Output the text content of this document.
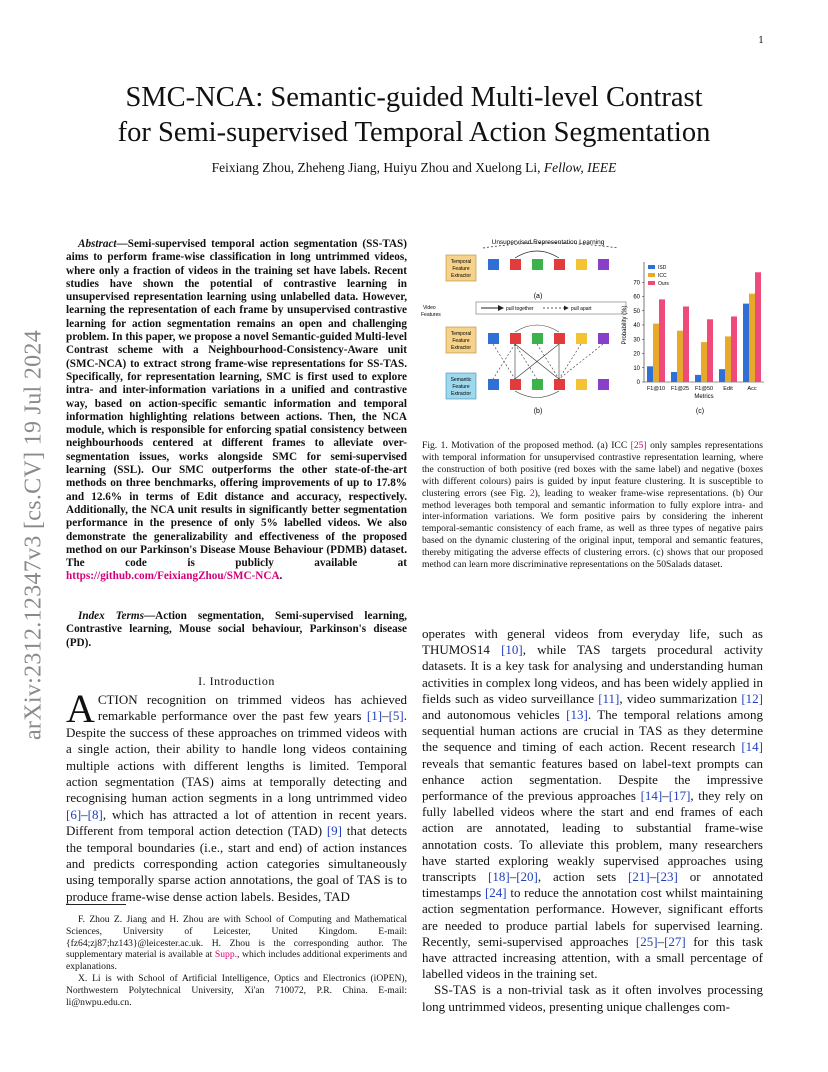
1
arXiv:2312.12347v3 [cs.CV] 19 Jul 2024
SMC-NCA: Semantic-guided Multi-level Contrast
for Semi-supervised Temporal Action Segmentation
Feixiang Zhou, Zheheng Jiang, Huiyu Zhou and Xuelong Li, Fellow, IEEE
Abstract—Semi-supervised temporal action segmentation (SS-TAS) aims to perform frame-wise classification in long untrimmed videos, where only a fraction of videos in the training set have labels. Recent studies have shown the potential of contrastive learning in unsupervised representation learning using unlabelled data. However, learning the representation of each frame by unsupervised contrastive learning for action segmentation remains an open and challenging problem. In this paper, we propose a novel Semantic-guided Multi-level Contrast scheme with a Neighbourhood-Consistency-Aware unit (SMC-NCA) to extract strong frame-wise representations for SS-TAS. Specifically, for representation learning, SMC is first used to explore intra- and inter-information variations in a unified and contrastive way, based on action-specific semantic information and temporal information highlighting relations between actions. Then, the NCA module, which is responsible for enforcing spatial consistency between neighbourhoods centered at different frames to alleviate over-segmentation issues, works alongside SMC for semi-supervised learning (SSL). Our SMC outperforms the other state-of-the-art methods on three benchmarks, offering improvements of up to 17.8% and 12.6% in terms of Edit distance and accuracy, respectively. Additionally, the NCA unit results in significantly better segmentation performance in the presence of only 5% labelled videos. We also demonstrate the generalizability and effectiveness of the proposed method on our Parkinson's Disease Mouse Behaviour (PDMB) dataset. The code is publicly available at https://github.com/FeixiangZhou/SMC-NCA.
Index Terms—Action segmentation, Semi-supervised learning, Contrastive learning, Mouse social behaviour, Parkinson's disease (PD).
I. Introduction
ACTION recognition on trimmed videos has achieved remarkable performance over the past few years [1]–[5]. Despite the success of these approaches on trimmed videos with a single action, their ability to handle long videos containing multiple actions with different lengths is limited. Temporal action segmentation (TAS) aims at temporally detecting and recognising human action segments in a long untrimmed video [6]–[8], which has attracted a lot of attention in recent years. Different from temporal action detection (TAD) [9] that detects the temporal boundaries (i.e., start and end) of action instances and predicts corresponding action categories simultaneously using temporally sparse action annotations, the goal of TAS is to produce frame-wise dense action labels. Besides, TAD

F. Zhou Z. Jiang and H. Zhou are with School of Computing and Mathematical Sciences, University of Leicester, United Kingdom. E-mail: {fz64;zj87;hz143}@leicester.ac.uk. H. Zhou is the corresponding author. The supplementary material is available at Supp., which includes additional experiments and explanations.

X. Li is with School of Artificial Intelligence, Optics and Electronics (iOPEN), Northwestern Polytechnical University, Xi'an 710072, P.R. China. E-mail: li@nwpu.edu.cn.

Unsupervised Representation Learning
Temporal
Feature
Extractor
(a)
Video
Features
pull together	pull apart
Temporal
Feature
Extractor
Semantic
Feature
Extractor
(b)
0
10
20
30
40
50
60
70
Probability (%)
Metrics
F1@10 F1@25 F1@50 Edit	Acc
ISD
ICC
Ours
(c)
Fig. 1. Motivation of the proposed method. (a) ICC [25] only samples representations with temporal information for unsupervised contrastive representation learning, where the construction of both positive (red boxes with the same label) and negative (boxes with different colours) pairs is guided by input feature clustering. It is susceptible to clustering errors (see Fig. 2), leading to weaker frame-wise representations. (b) Our method leverages both temporal and semantic information to fully explore intra- and inter-information variations. We form positive pairs by considering the inherent temporal-semantic consistency of each frame, as well as three types of negative pairs based on the dynamic clustering of the original input, temporal and semantic features, thereby mitigating the adverse effects of clustering errors. (c) shows that our proposed method can learn more discriminative representations on the 50Salads dataset.

operates with general videos from everyday life, such as THUMOS14 [10], while TAS targets procedural activity datasets. It is a key task for analysing and understanding human activities in complex long videos, and has been widely applied in fields such as video surveillance [11], video summarization [12] and autonomous vehicles [13]. The temporal relations among sequential human actions are crucial in TAS as they determine the sequence and timing of each action. Recent research [14] reveals that semantic features based on label-text prompts can enhance action segmentation. Despite the impressive performance of the previous approaches [14]–[17], they rely on fully labelled videos where the start and end frames of each action are annotated, leading to substantial frame-wise annotation costs. To alleviate this problem, many researchers have started exploring weakly supervised approaches using transcripts [18]–[20], action sets [21]–[23] or annotated timestamps [24] to reduce the annotation cost whilst maintaining action segmentation performance. However, significant efforts are needed to produce partial labels for supervised learning. Recently, semi-supervised approaches [25]–[27] for this task have attracted increasing attention, with a small percentage of labelled videos in the training set.

SS-TAS is a non-trivial task as it often involves processing long untrimmed videos, presenting unique challenges com-
